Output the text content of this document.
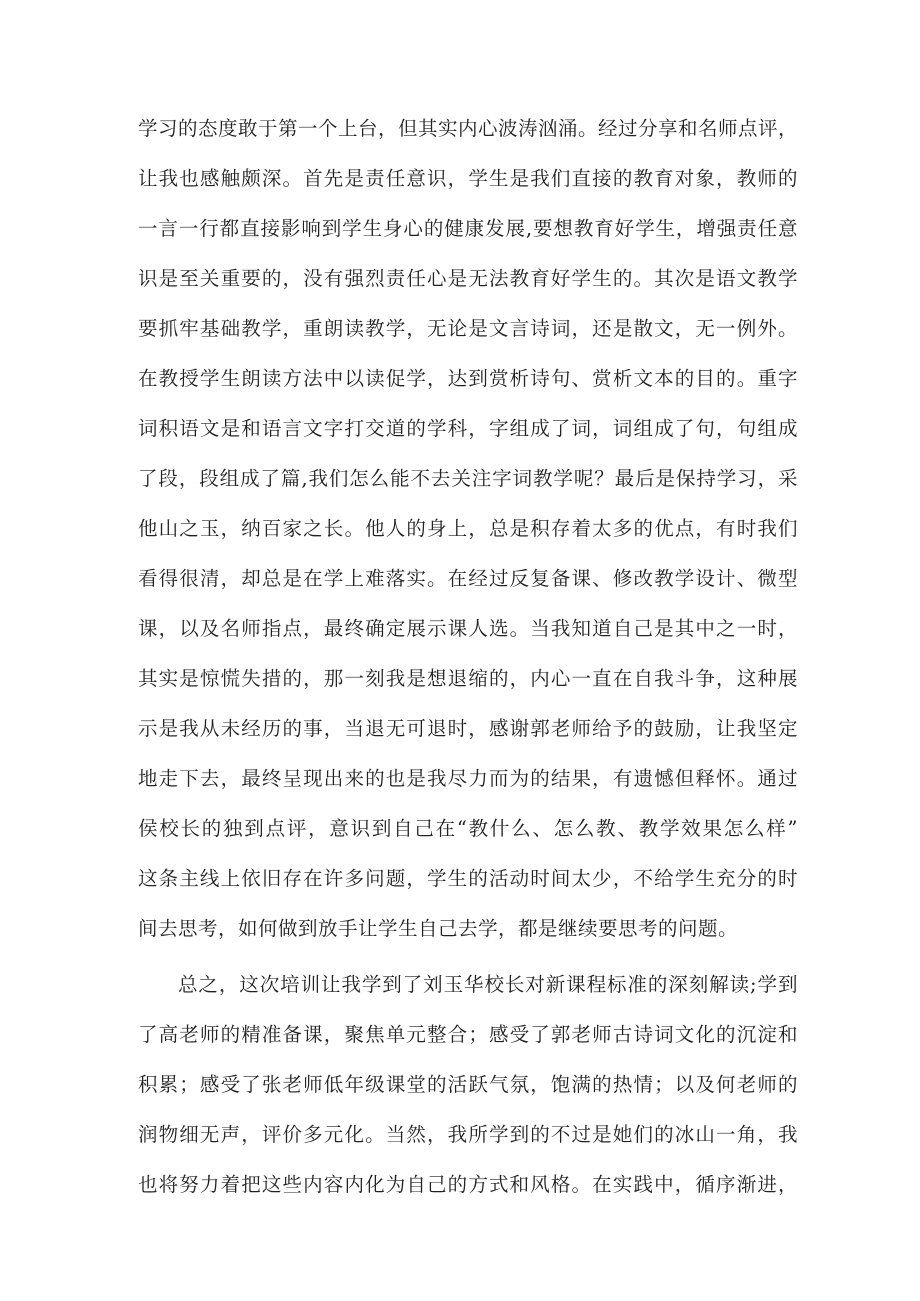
学习的态度敢于第一个上台，但其实内心波涛汹涌。经过分享和名师点评，
让我也感触颇深。首先是责任意识，学生是我们直接的教育对象，教师的
一言一行都直接影响到学生身心的健康发展,要想教育好学生，增强责任意
识是至关重要的，没有强烈责任心是无法教育好学生的。其次是语文教学
要抓牢基础教学，重朗读教学，无论是文言诗词，还是散文，无一例外。
在教授学生朗读方法中以读促学，达到赏析诗句、赏析文本的目的。重字
词积语文是和语言文字打交道的学科，字组成了词，词组成了句，句组成
了段，段组成了篇,我们怎么能不去关注字词教学呢？最后是保持学习，采
他山之玉，纳百家之长。他人的身上，总是积存着太多的优点，有时我们
看得很清，却总是在学上难落实。在经过反复备课、修改教学设计、微型
课，以及名师指点，最终确定展示课人选。当我知道自己是其中之一时，
其实是惊慌失措的，那一刻我是想退缩的，内心一直在自我斗争，这种展
示是我从未经历的事，当退无可退时，感谢郭老师给予的鼓励，让我坚定
地走下去，最终呈现出来的也是我尽力而为的结果，有遗憾但释怀。通过
侯校长的独到点评，意识到自己在“教什么、怎么教、教学效果怎么样”
这条主线上依旧存在许多问题，学生的活动时间太少，不给学生充分的时
间去思考，如何做到放手让学生自己去学，都是继续要思考的问题。
总之，这次培训让我学到了刘玉华校长对新课程标准的深刻解读;学到
了高老师的精准备课，聚焦单元整合；感受了郭老师古诗词文化的沉淀和
积累；感受了张老师低年级课堂的活跃气氛，饱满的热情；以及何老师的
润物细无声，评价多元化。当然，我所学到的不过是她们的冰山一角，我
也将努力着把这些内容内化为自己的方式和风格。在实践中，循序渐进，
